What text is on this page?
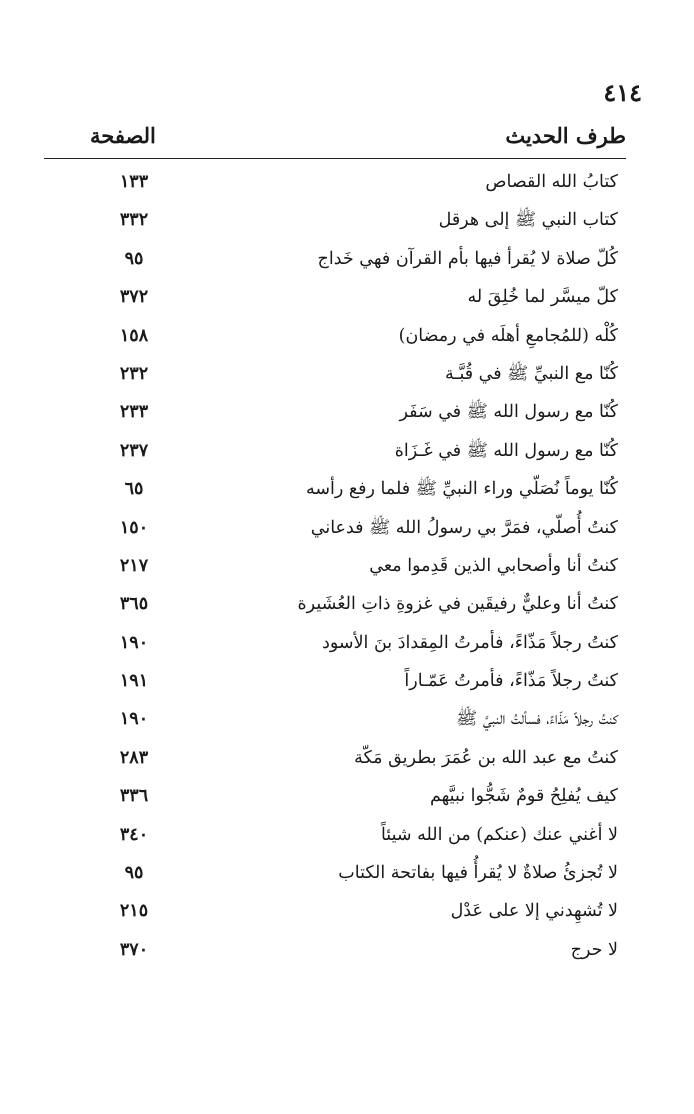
٤١٤
طرف الحديث
الصفحة
كتابُ الله القصاص
١٣٣
كتاب النبي ﷺ إلى هرقل
٣٣٢
كُلّ صلاة لا يُقرأ فيها بأم القرآن فهي خَداج
٩٥
كلّ ميسَّر لما خُلِقَ له
٣٧٢
كُلْه (للمُجامعِ أهلَه في رمضان)
١٥٨
كُنّا مع النبيِّ ﷺ في قُبَّـة
٢٣٢
كُنّا مع رسول الله ﷺ في سَفَر
٢٣٣
كُنّا مع رسول الله ﷺ في غَـزَاة
٢٣٧
كُنّا يوماً نُصَلّي وراء النبيِّ ﷺ فلما رفع رأسه
٦٥
كنتُ أُصلّي، فمَرَّ بي رسولُ الله ﷺ فدعاني
١٥٠
كنتُ أنا وأصحابي الذين قَدِموا معي
٢١٧
كنتُ أنا وعليٌّ رفيقَين في غزوةِ ذاتِ العُشَيرة
٣٦٥
كنتُ رجلاً مَذّاءً، فأمرتُ المِقدادَ بنَ الأسود
١٩٠
كنتُ رجلاً مَذّاءً، فأمرتُ عَمّـاراً
١٩١
كنتُ رجلاً مَذّاءً، فسألتُ النبيَّ ﷺ
١٩٠
كنتُ مع عبد الله بن عُمَرَ بطريق مَكّة
٢٨٣
كيف يُفلِحُ قومٌ شَجُّوا نبيَّهم
٣٣٦
لا أغني عنك (عنكم) من الله شيئاً
٣٤٠
لا تُجزئُ صلاةٌ لا يُقرأُ فيها بفاتحة الكتاب
٩٥
لا تُشهِدني إلا على عَدْل
٢١٥
لا حرج
٣٧٠
